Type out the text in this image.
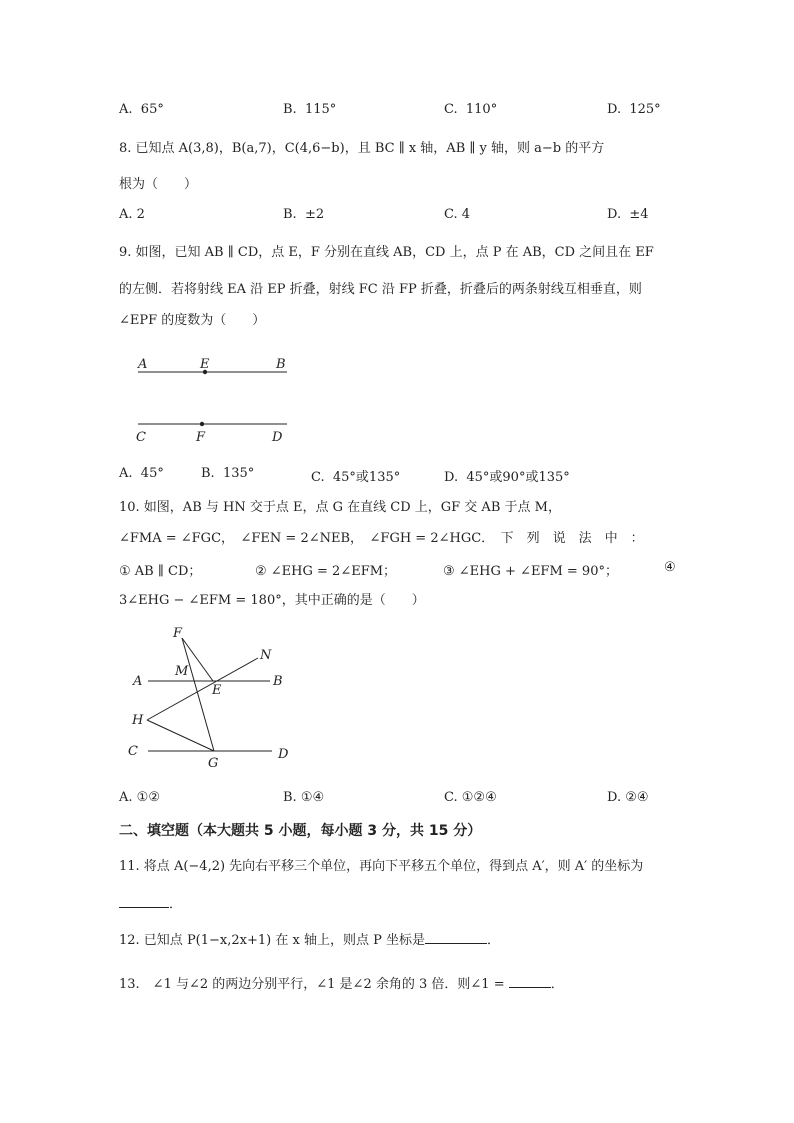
A. 65°	B. 115°	C. 110°	D. 125°
8. 已知点 A(3,8)，B(a,7)，C(4,6−b)，且 BC ∥ x 轴，AB ∥ y 轴，则 a−b 的平方
根为（　　）
A. 2	B. ±2	C. 4	D. ±4
9. 如图，已知 AB ∥ CD，点 E，F 分别在直线 AB，CD 上，点 P 在 AB，CD 之间且在 EF
的左侧．若将射线 EA 沿 EP 折叠，射线 FC 沿 FP 折叠，折叠后的两条射线互相垂直，则
∠EPF 的度数为（　　）
A	E	B
C	F	D
A. 45°	B. 135°	C. 45°或135°	D. 45°或90°或135°
10. 如图，AB 与 HN 交于点 E，点 G 在直线 CD 上，GF 交 AB 于点 M，
∠FMA = ∠FGC，　∠FEN = 2∠NEB，　∠FGH = 2∠HGC．　下　列　说　法　中　：
① AB ∥ CD；	② ∠EHG = 2∠EFM；	③ ∠EHG + ∠EFM = 90°；	④
3∠EHG − ∠EFM = 180°，其中正确的是（　　）
F
N
M
A
E
B
H
C
G
D
A. ①②	B. ①④	C. ①②④	D. ②④
二、填空题（本大题共 5 小题，每小题 3 分，共 15 分）
11. 将点 A(−4,2) 先向右平移三个单位，再向下平移五个单位，得到点 A′，则 A′ 的坐标为
．
12. 已知点 P(1−x,2x+1) 在 x 轴上，则点 P 坐标是	．
13.　∠1 与∠2 的两边分别平行，∠1 是∠2 余角的 3 倍．则∠1 =	．
